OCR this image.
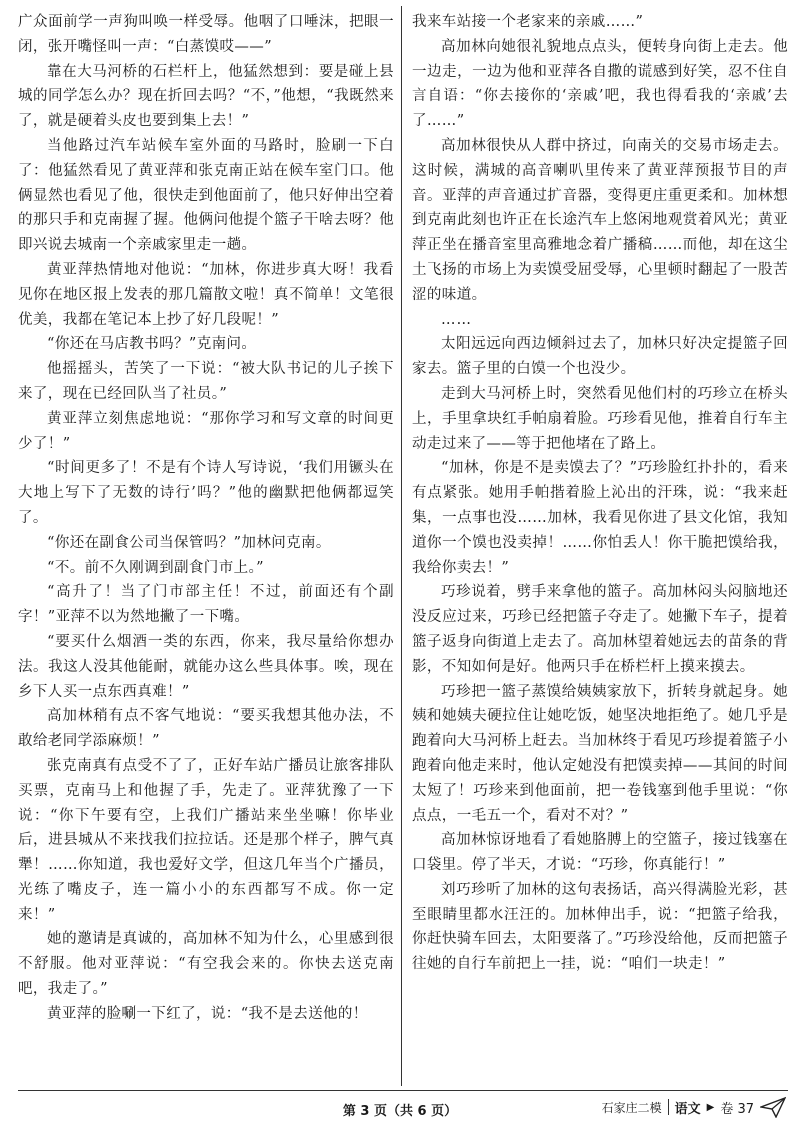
广众面前学一声狗叫唤一样受辱。他咽了口唾沫，把眼一闭，张开嘴怪叫一声：“白蒸馍哎——”

靠在大马河桥的石栏杆上，他猛然想到：要是碰上县城的同学怎么办？现在折回去吗？“不，”他想，“我既然来了，就是硬着头皮也要到集上去！”

当他路过汽车站候车室外面的马路时，脸刷一下白了：他猛然看见了黄亚萍和张克南正站在候车室门口。他俩显然也看见了他，很快走到他面前了，他只好伸出空着的那只手和克南握了握。他俩问他提个篮子干啥去呀？他即兴说去城南一个亲戚家里走一趟。

黄亚萍热情地对他说：“加林，你进步真大呀！我看见你在地区报上发表的那几篇散文啦！真不简单！文笔很优美，我都在笔记本上抄了好几段呢！”

“你还在马店教书吗？”克南问。

他摇摇头，苦笑了一下说：“被大队书记的儿子挨下来了，现在已经回队当了社员。”

黄亚萍立刻焦虑地说：“那你学习和写文章的时间更少了！”

“时间更多了！不是有个诗人写诗说，‘我们用镢头在大地上写下了无数的诗行’吗？”他的幽默把他俩都逗笑了。

“你还在副食公司当保管吗？”加林问克南。

“不。前不久刚调到副食门市上。”

“高升了！当了门市部主任！不过，前面还有个副字！”亚萍不以为然地撇了一下嘴。

“要买什么烟酒一类的东西，你来，我尽量给你想办法。我这人没其他能耐，就能办这么些具体事。唉，现在乡下人买一点东西真难！”

高加林稍有点不客气地说：“要买我想其他办法，不敢给老同学添麻烦！”

张克南真有点受不了了，正好车站广播员让旅客排队买票，克南马上和他握了手，先走了。亚萍犹豫了一下说：“你下午要有空，上我们广播站来坐坐嘛！你毕业后，进县城从不来找我们拉拉话。还是那个样子，脾气真犟！……你知道，我也爱好文学，但这几年当个广播员，光练了嘴皮子，连一篇小小的东西都写不成。你一定来！”

她的邀请是真诚的，高加林不知为什么，心里感到很不舒服。他对亚萍说：“有空我会来的。你快去送克南吧，我走了。”

黄亚萍的脸唰一下红了，说：“我不是去送他的！

我来车站接一个老家来的亲戚……”

高加林向她很礼貌地点点头，便转身向街上走去。他一边走，一边为他和亚萍各自撒的谎感到好笑，忍不住自言自语：“你去接你的‘亲戚’吧，我也得看我的‘亲戚’去了……”

高加林很快从人群中挤过，向南关的交易市场走去。这时候，满城的高音喇叭里传来了黄亚萍预报节目的声音。亚萍的声音通过扩音器，变得更庄重更柔和。加林想到克南此刻也许正在长途汽车上悠闲地观赏着风光；黄亚萍正坐在播音室里高雅地念着广播稿……而他，却在这尘土飞扬的市场上为卖馍受屈受辱，心里顿时翻起了一股苦涩的味道。

……

太阳远远向西边倾斜过去了，加林只好决定提篮子回家去。篮子里的白馍一个也没少。

走到大马河桥上时，突然看见他们村的巧珍立在桥头上，手里拿块红手帕扇着脸。巧珍看见他，推着自行车主动走过来了——等于把他堵在了路上。

“加林，你是不是卖馍去了？”巧珍脸红扑扑的，看来有点紧张。她用手帕揩着脸上沁出的汗珠，说：“我来赶集，一点事也没……加林，我看见你进了县文化馆，我知道你一个馍也没卖掉！……你怕丢人！你干脆把馍给我，我给你卖去！”

巧珍说着，劈手来拿他的篮子。高加林闷头闷脑地还没反应过来，巧珍已经把篮子夺走了。她撇下车子，提着篮子返身向街道上走去了。高加林望着她远去的苗条的背影，不知如何是好。他两只手在桥栏杆上摸来摸去。

巧珍把一篮子蒸馍给姨姨家放下，折转身就起身。她姨和她姨夫硬拉住让她吃饭，她坚决地拒绝了。她几乎是跑着向大马河桥上赶去。当加林终于看见巧珍提着篮子小跑着向他走来时，他认定她没有把馍卖掉——其间的时间太短了！巧珍来到他面前，把一卷钱塞到他手里说：“你点点，一毛五一个，看对不对？”

高加林惊讶地看了看她胳膊上的空篮子，接过钱塞在口袋里。停了半天，才说：“巧珍，你真能行！”

刘巧珍听了加林的这句表扬话，高兴得满脸光彩，甚至眼睛里都水汪汪的。加林伸出手，说：“把篮子给我，你赶快骑车回去，太阳要落了。”巧珍没给他，反而把篮子往她的自行车前把上一挂，说：“咱们一块走！”

第 3 页（共 6 页）	石家庄二模 语文 ▶ 卷 37
